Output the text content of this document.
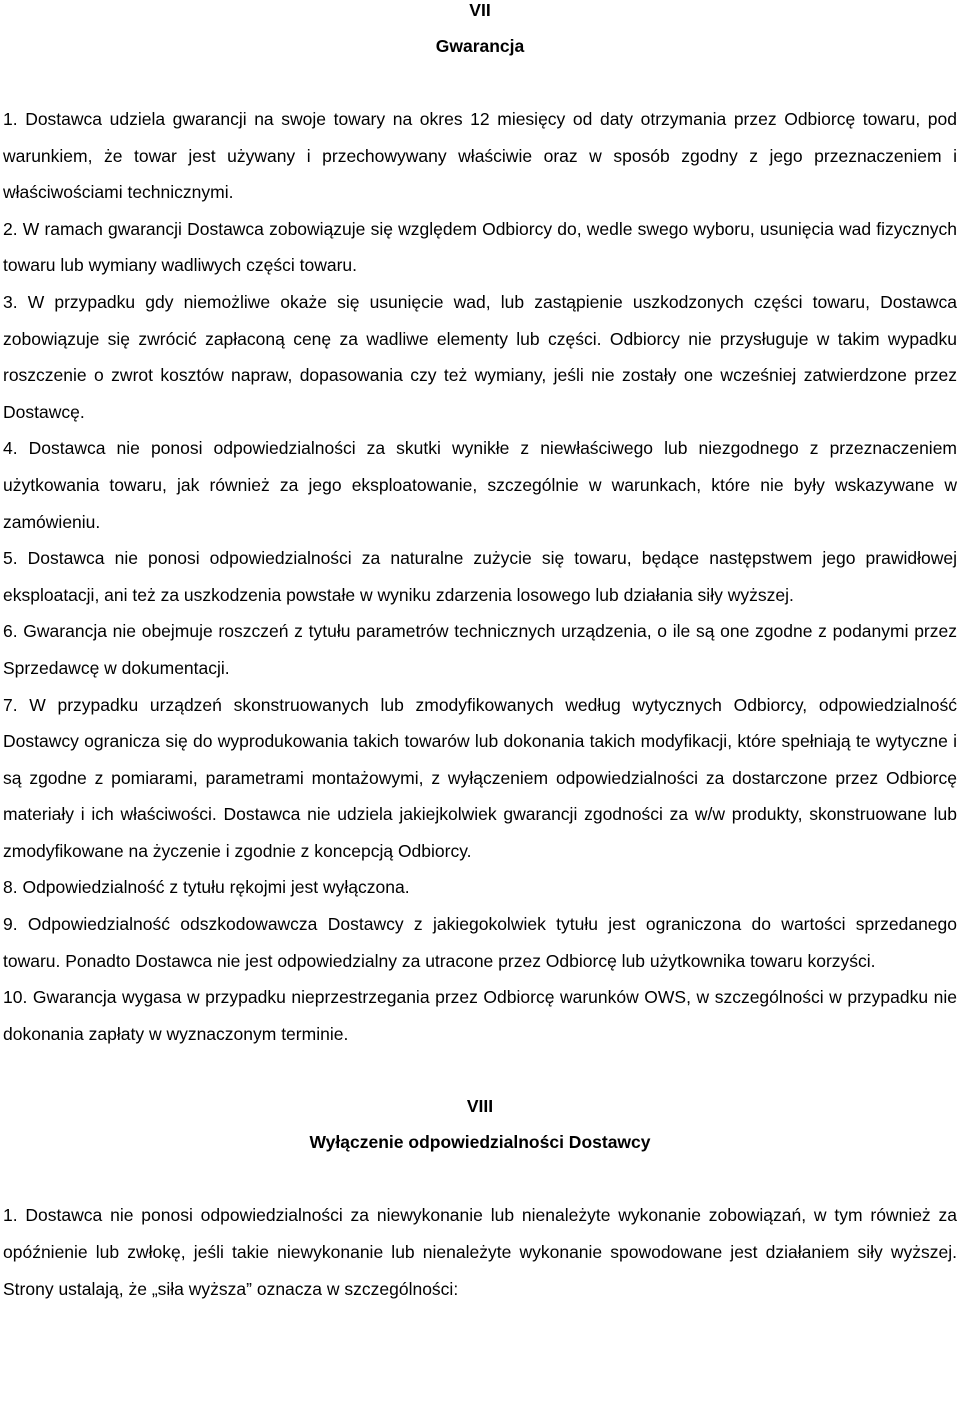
VII

Gwarancja

1. Dostawca udziela gwarancji na swoje towary na okres 12 miesięcy od daty otrzymania przez Odbiorcę towaru, pod warunkiem, że towar jest używany i przechowywany właściwie oraz w sposób zgodny z jego przeznaczeniem i właściwościami technicznymi.

2. W ramach gwarancji Dostawca zobowiązuje się względem Odbiorcy do, wedle swego wyboru, usunięcia wad fizycznych towaru lub wymiany wadliwych części towaru.

3. W przypadku gdy niemożliwe okaże się usunięcie wad, lub zastąpienie uszkodzonych części towaru, Dostawca zobowiązuje się zwrócić zapłaconą cenę za wadliwe elementy lub części. Odbiorcy nie przysługuje w takim wypadku roszczenie o zwrot kosztów napraw, dopasowania czy też wymiany, jeśli nie zostały one wcześniej zatwierdzone przez Dostawcę.

4. Dostawca nie ponosi odpowiedzialności za skutki wynikłe z niewłaściwego lub niezgodnego z przeznaczeniem użytkowania towaru, jak również za jego eksploatowanie, szczególnie w warunkach, które nie były wskazywane w zamówieniu.

5. Dostawca nie ponosi odpowiedzialności za naturalne zużycie się towaru, będące następstwem jego prawidłowej eksploatacji, ani też za uszkodzenia powstałe w wyniku zdarzenia losowego lub działania siły wyższej.

6. Gwarancja nie obejmuje roszczeń z tytułu parametrów technicznych urządzenia, o ile są one zgodne z podanymi przez Sprzedawcę w dokumentacji.

7. W przypadku urządzeń skonstruowanych lub zmodyfikowanych według wytycznych Odbiorcy, odpowiedzialność Dostawcy ogranicza się do wyprodukowania takich towarów lub dokonania takich modyfikacji, które spełniają te wytyczne i są zgodne z pomiarami, parametrami montażowymi, z wyłączeniem odpowiedzialności za dostarczone przez Odbiorcę materiały i ich właściwości. Dostawca nie udziela jakiejkolwiek gwarancji zgodności za w/w produkty, skonstruowane lub zmodyfikowane na życzenie i zgodnie z koncepcją Odbiorcy.

8. Odpowiedzialność z tytułu rękojmi jest wyłączona.

9. Odpowiedzialność odszkodowawcza Dostawcy z jakiegokolwiek tytułu jest ograniczona do wartości sprzedanego towaru. Ponadto Dostawca nie jest odpowiedzialny za utracone przez Odbiorcę lub użytkownika towaru korzyści.

10. Gwarancja wygasa w przypadku nieprzestrzegania przez Odbiorcę warunków OWS, w szczególności w przypadku nie dokonania zapłaty w wyznaczonym terminie.

VIII

Wyłączenie odpowiedzialności Dostawcy

1. Dostawca nie ponosi odpowiedzialności za niewykonanie lub nienależyte wykonanie zobowiązań, w tym również za opóźnienie lub zwłokę, jeśli takie niewykonanie lub nienależyte wykonanie spowodowane jest działaniem siły wyższej. Strony ustalają, że „siła wyższa” oznacza w szczególności:
